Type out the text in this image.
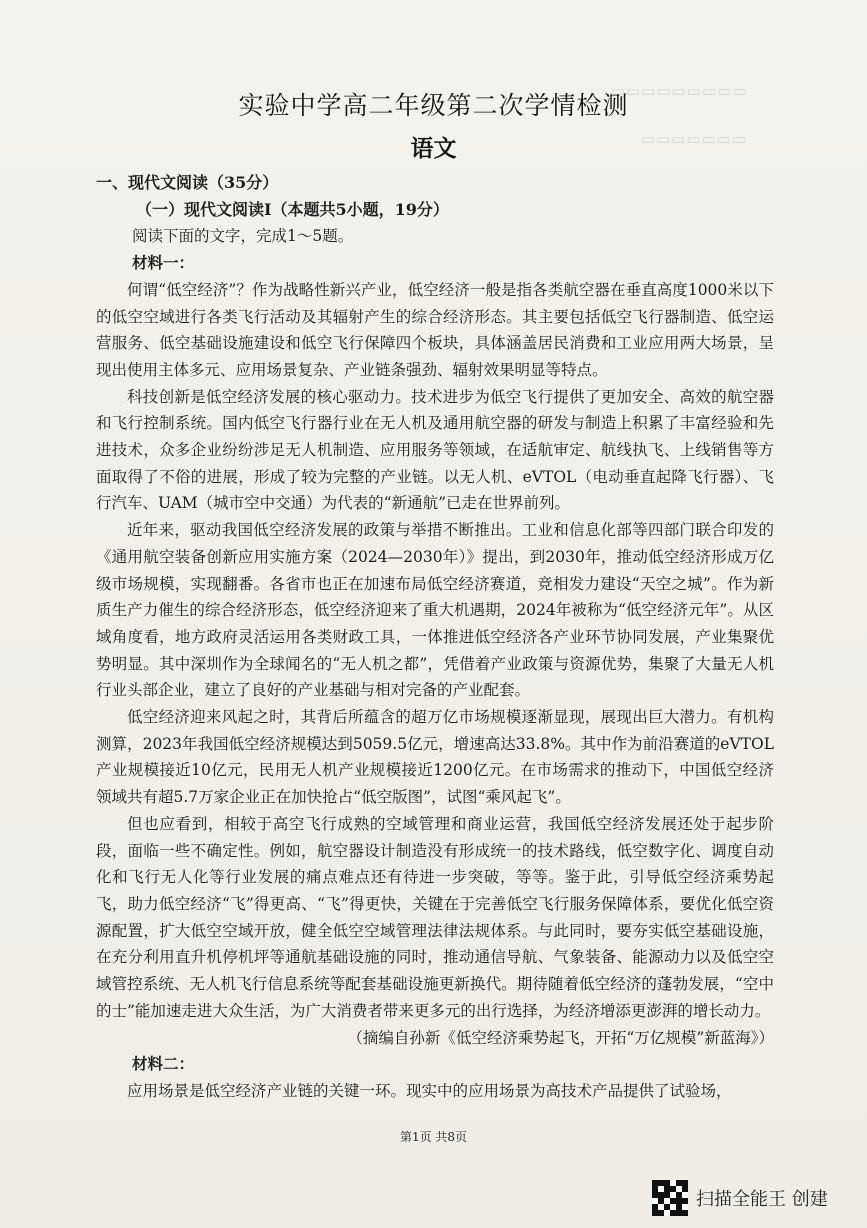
▭▭▭▭▭▭▭▭▭
▭▭▭▭▭▭▭
实验中学高二年级第二次学情检测
语文

一、现代文阅读（35分）

（一）现代文阅读Ⅰ（本题共5小题，19分）

阅读下面的文字，完成1～5题。

材料一：

何谓“低空经济”？作为战略性新兴产业，低空经济一般是指各类航空器在垂直高度1000米以下的低空空域进行各类飞行活动及其辐射产生的综合经济形态。其主要包括低空飞行器制造、低空运营服务、低空基础设施建设和低空飞行保障四个板块，具体涵盖居民消费和工业应用两大场景，呈现出使用主体多元、应用场景复杂、产业链条强劲、辐射效果明显等特点。

科技创新是低空经济发展的核心驱动力。技术进步为低空飞行提供了更加安全、高效的航空器和飞行控制系统。国内低空飞行器行业在无人机及通用航空器的研发与制造上积累了丰富经验和先进技术，众多企业纷纷涉足无人机制造、应用服务等领域，在适航审定、航线执飞、上线销售等方面取得了不俗的进展，形成了较为完整的产业链。以无人机、eVTOL（电动垂直起降飞行器）、飞行汽车、UAM（城市空中交通）为代表的“新通航”已走在世界前列。

近年来，驱动我国低空经济发展的政策与举措不断推出。工业和信息化部等四部门联合印发的《通用航空装备创新应用实施方案（2024—2030年）》提出，到2030年，推动低空经济形成万亿级市场规模，实现翻番。各省市也正在加速布局低空经济赛道，竞相发力建设“天空之城”。作为新质生产力催生的综合经济形态，低空经济迎来了重大机遇期，2024年被称为“低空经济元年”。从区域角度看，地方政府灵活运用各类财政工具，一体推进低空经济各产业环节协同发展，产业集聚优势明显。其中深圳作为全球闻名的“无人机之都”，凭借着产业政策与资源优势，集聚了大量无人机行业头部企业，建立了良好的产业基础与相对完备的产业配套。

低空经济迎来风起之时，其背后所蕴含的超万亿市场规模逐渐显现，展现出巨大潜力。有机构测算，2023年我国低空经济规模达到5059.5亿元，增速高达33.8%。其中作为前沿赛道的eVTOL产业规模接近10亿元，民用无人机产业规模接近1200亿元。在市场需求的推动下，中国低空经济领域共有超5.7万家企业正在加快抢占“低空版图”，试图“乘风起飞”。

但也应看到，相较于高空飞行成熟的空域管理和商业运营，我国低空经济发展还处于起步阶段，面临一些不确定性。例如，航空器设计制造没有形成统一的技术路线，低空数字化、调度自动化和飞行无人化等行业发展的痛点难点还有待进一步突破，等等。鉴于此，引导低空经济乘势起飞，助力低空经济“飞”得更高、“飞”得更快，关键在于完善低空飞行服务保障体系，要优化低空资源配置，扩大低空空域开放，健全低空空域管理法律法规体系。与此同时，要夯实低空基础设施，在充分利用直升机停机坪等通航基础设施的同时，推动通信导航、气象装备、能源动力以及低空空域管控系统、无人机飞行信息系统等配套基础设施更新换代。期待随着低空经济的蓬勃发展，“空中的士”能加速走进大众生活，为广大消费者带来更多元的出行选择，为经济增添更澎湃的增长动力。

（摘编自孙新《低空经济乘势起飞，开拓“万亿规模”新蓝海》）

材料二：

应用场景是低空经济产业链的关键一环。现实中的应用场景为高技术产品提供了试验场，

第1页 共8页
扫描全能王 创建
